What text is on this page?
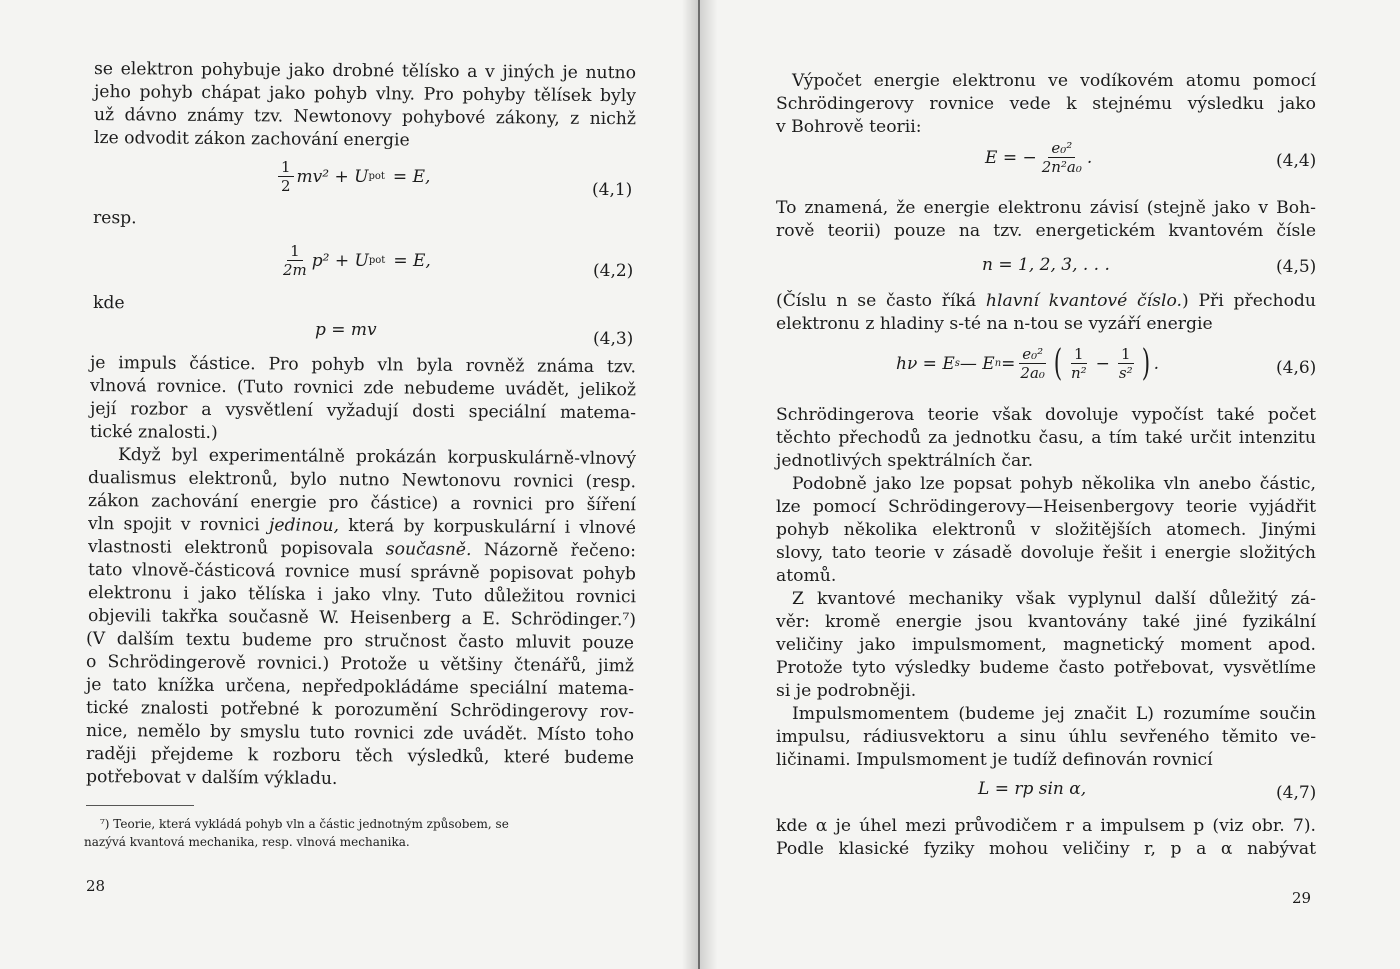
se elektron pohybuje jako drobné tělísko a v jiných je nutno
jeho pohyb chápat jako pohyb vlny. Pro pohyby tělísek byly
už dávno známy tzv. Newtonovy pohybové zákony, z nichž
lze odvodit zákon zachování energie
$\frac{1}{2} mv^2 + U$ pot = E,
(4,1)
resp.
$\frac{1}{2m} p^2 + U$ pot = E,
(4,2)
kde
p = mv	(4,3)
je impuls částice. Pro pohyb vln byla rovněž známa tzv.
vlnová rovnice. (Tuto rovnici zde nebudeme uvádět, jelikož
její rozbor a vysvětlení vyžadují dosti speciální matema-
tické znalosti.)
Když byl experimentálně prokázán korpuskulárně-vlnový
dualismus elektronů, bylo nutno Newtonovu rovnici (resp.
zákon zachování energie pro částice) a rovnici pro šíření
vln spojit v rovnici jedinou, která by korpuskulární i vlnové
vlastnosti elektronů popisovala současně. Názorně řečeno:
tato vlnově-částicová rovnice musí správně popisovat pohyb
elektronu i jako tělíska i jako vlny. Tuto důležitou rovnici
objevili takřka současně W. Heisenberg a E. Schrödinger.⁷)
(V dalším textu budeme pro stručnost často mluvit pouze
o Schrödingerově rovnici.) Protože u většiny čtenářů, jimž
je tato knížka určena, nepředpokládáme speciální matema-
tické znalosti potřebné k porozumění Schrödingerovy rov-
nice, nemělo by smyslu tuto rovnici zde uvádět. Místo toho
raději přejdeme k rozboru těch výsledků, které budeme
potřebovat v dalším výkladu.
⁷) Teorie, která vykládá pohyb vln a částic jednotným způsobem, se
nazývá kvantová mechanika, resp. vlnová mechanika.
28
Výpočet energie elektronu ve vodíkovém atomu pomocí
Schrödingerovy rovnice vede k stejnému výsledku jako
v Bohrově teorii:
E = − $\frac{\text{e₀²}}{\text{2n²a₀}}$ .	(4,4)
To znamená, že energie elektronu závisí (stejně jako v Boh-
rově teorii) pouze na tzv. energetickém kvantovém čísle
n = 1, 2, 3, . . .	(4,5)
(Číslu n se často říká hlavní kvantové číslo.) Při přechodu
elektronu z hladiny s-té na n-tou se vyzáří energie
hν = E s — E $n = \frac{\text{e₀²}}{\text{2a₀}}$ ( $\frac{1}{\text{n²}} - \frac{1}{\text{s²}}$ ) .	(4,6)
Schrödingerova teorie však dovoluje vypočíst také počet
těchto přechodů za jednotku času, a tím také určit intenzitu
jednotlivých spektrálních čar.
Podobně jako lze popsat pohyb několika vln anebo částic,
lze pomocí Schrödingerovy—Heisenbergovy teorie vyjádřit
pohyb několika elektronů v složitějších atomech. Jinými
slovy, tato teorie v zásadě dovoluje řešit i energie složitých
atomů.
Z kvantové mechaniky však vyplynul další důležitý zá-
věr: kromě energie jsou kvantovány také jiné fyzikální
veličiny jako impulsmoment, magnetický moment apod.
Protože tyto výsledky budeme často potřebovat, vysvětlíme
si je podrobněji.
Impulsmomentem (budeme jej značit L) rozumíme součin
impulsu, rádiusvektoru a sinu úhlu sevřeného těmito ve-
ličinami. Impulsmoment je tudíž definován rovnicí
L = rp sin α,	(4,7)
kde α je úhel mezi průvodičem r a impulsem p (viz obr. 7).
Podle klasické fyziky mohou veličiny r, p a α nabývat
29
